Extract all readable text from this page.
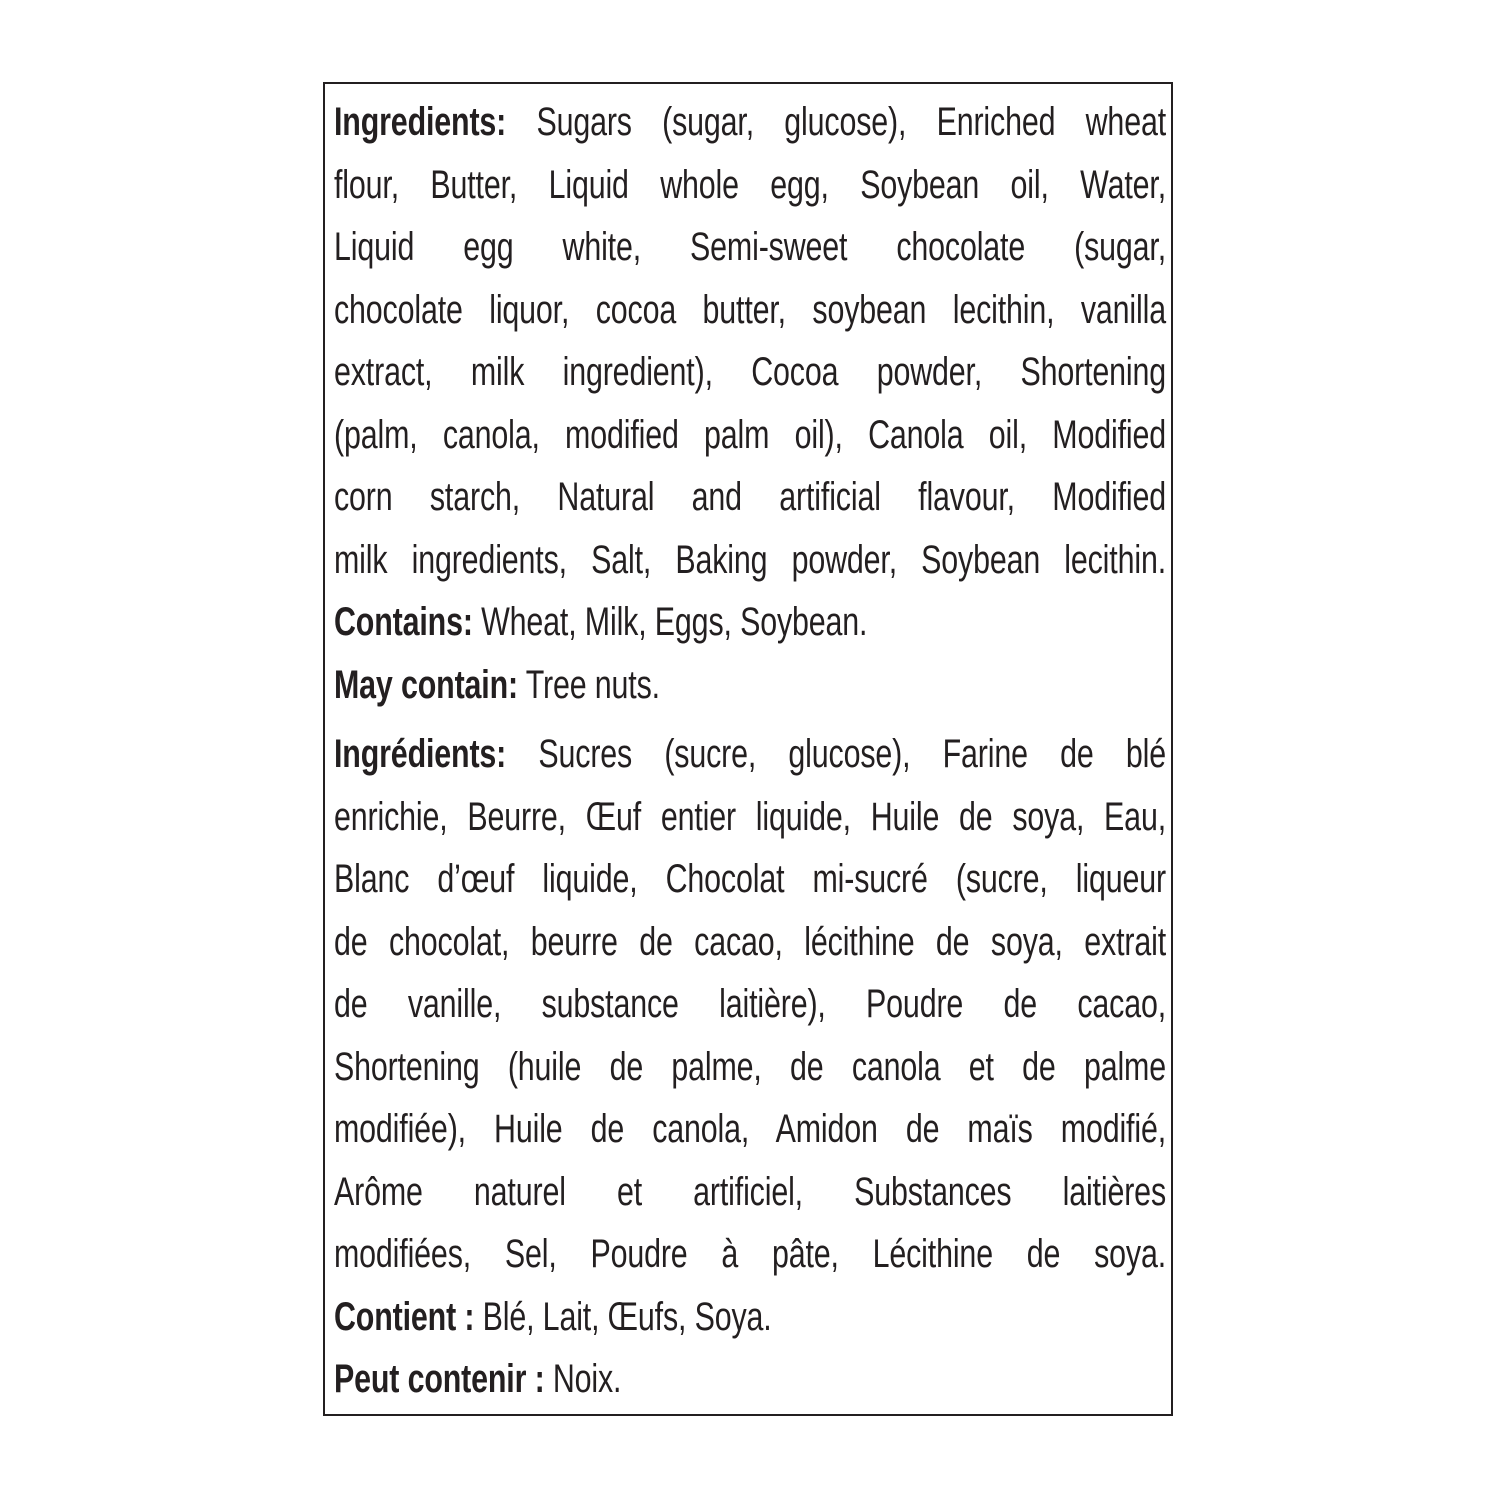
Ingredients: Sugars (sugar, glucose), Enriched wheat
flour, Butter, Liquid whole egg, Soybean oil, Water,
Liquid egg white, Semi-sweet chocolate (sugar,
chocolate liquor, cocoa butter, soybean lecithin, vanilla
extract, milk ingredient), Cocoa powder, Shortening
(palm, canola, modified palm oil), Canola oil, Modified
corn starch, Natural and artificial flavour, Modified
milk ingredients, Salt, Baking powder, Soybean lecithin.
Contains: Wheat, Milk, Eggs, Soybean.
May contain: Tree nuts.
Ingrédients: Sucres (sucre, glucose), Farine de blé
enrichie, Beurre, Œuf entier liquide, Huile de soya, Eau,
Blanc d’œuf liquide, Chocolat mi-sucré (sucre, liqueur
de chocolat, beurre de cacao, lécithine de soya, extrait
de vanille, substance laitière), Poudre de cacao,
Shortening (huile de palme, de canola et de palme
modifiée), Huile de canola, Amidon de maïs modifié,
Arôme naturel et artificiel, Substances laitières
modifiées, Sel, Poudre à pâte, Lécithine de soya.
Contient : Blé, Lait, Œufs, Soya.
Peut contenir : Noix.
